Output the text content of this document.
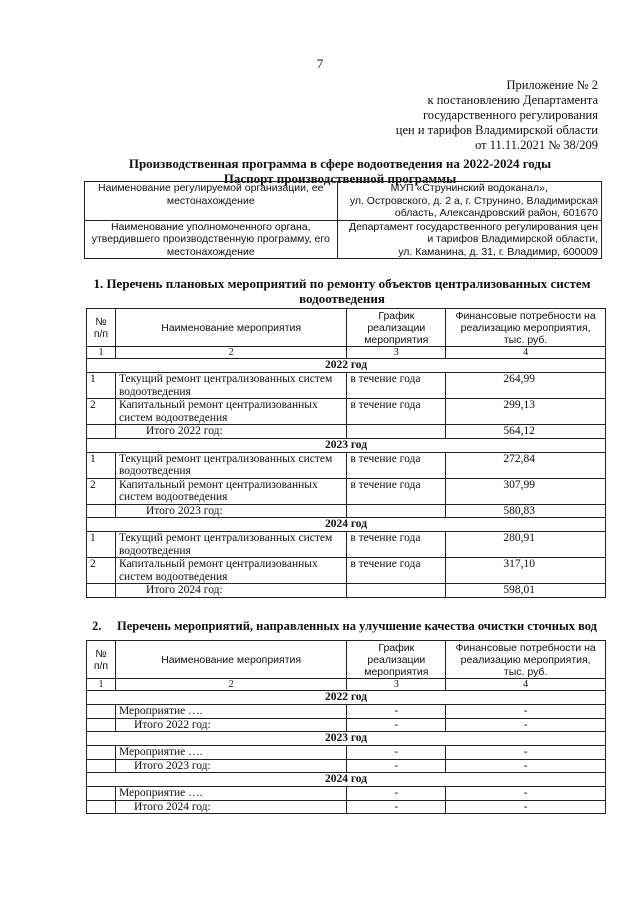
7
Приложение № 2
к постановлению Департамента
государственного регулирования
цен и тарифов Владимирской области
от 11.11.2021 № 38/209
Производственная программа в сфере водоотведения на 2022-2024 годы
Паспорт производственной программы
Наименование регулируемой организации, ее местонахождение	МУП «Струнинский водоканал»,
ул. Островского, д. 2 а, г. Струнино, Владимирская область, Александровский район, 601670

Наименование уполномоченного органа, утвердившего производственную программу, его местонахождение	Департамент государственного регулирования цен и тарифов Владимирской области,
ул. Каманина, д. 31, г. Владимир, 600009
1. Перечень плановых мероприятий по ремонту объектов централизованных систем водоотведения
№ п/п	Наименование мероприятия	График реализации мероприятия	Финансовые потребности на реализацию мероприятия, тыс. руб.
1	2	3	4
2022 год			
1	Текущий ремонт централизованных систем водоотведения	в течение года	264,99
2	Капитальный ремонт централизованных систем водоотведения	в течение года	299,13
	Итого 2022 год:		564,12
2023 год			
1	Текущий ремонт централизованных систем водоотведения	в течение года	272,84
2	Капитальный ремонт централизованных систем водоотведения	в течение года	307,99
	Итого 2023 год:		580,83
2024 год			
1	Текущий ремонт централизованных систем водоотведения	в течение года	280,91
2	Капитальный ремонт централизованных систем водоотведения	в течение года	317,10
	Итого 2024 год:		598,01
2. Перечень мероприятий, направленных на улучшение качества очистки сточных вод
№ п/п	Наименование мероприятия	График реализации мероприятия	Финансовые потребности на реализацию мероприятия, тыс. руб.
1	2	3	4
2022 год			
	Мероприятие ….	-	-
	Итого 2022 год:	-	-
2023 год			
	Мероприятие ….	-	-
	Итого 2023 год:	-	-
2024 год			
	Мероприятие ….	-	-
	Итого 2024 год:	-	-
